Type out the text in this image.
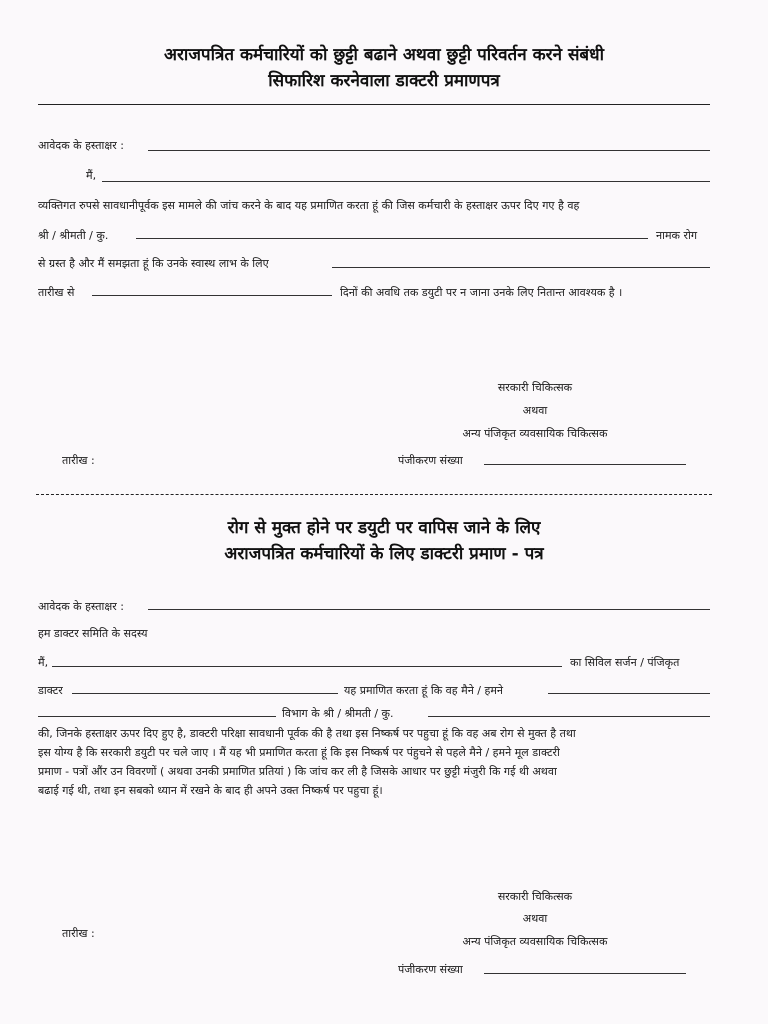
अराजपत्रित कर्मचारियों को छुट्टी बढाने अथवा छुट्टी परिवर्तन करने संबंधी
सिफारिश करनेवाला डाक्टरी प्रमाणपत्र
आवेदक के हस्ताक्षर :
मैं,
व्यक्तिगत रुपसे सावधानीपूर्वक इस मामले की जांच करने के बाद यह प्रमाणित करता हूं की जिस कर्मचारी के हस्ताक्षर ऊपर दिए गए है वह
श्री / श्रीमती / कु.	नामक रोग
से ग्रस्त है और मैं समझता हूं कि उनके स्वास्थ लाभ के लिए
तारीख से	दिनों की अवधि तक डयुटी पर न जाना उनके लिए नितान्त आवश्यक है ।
सरकारी चिकित्सक
अथवा
अन्य पंजिकृत व्यवसायिक चिकित्सक
तारीख :	पंजीकरण संख्या
रोग से मुक्त होने पर डयुटी पर वापिस जाने के लिए
अराजपत्रित कर्मचारियों के लिए डाक्टरी प्रमाण - पत्र
आवेदक के हस्ताक्षर :
हम डाक्टर समिति के सदस्य
मैं,	का सिविल सर्जन / पंजिकृत
डाक्टर	यह प्रमाणित करता हूं कि वह मैने / हमने
विभाग के श्री / श्रीमती / कु.
की, जिनके हस्ताक्षर ऊपर दिए हुए है, डाक्टरी परिक्षा सावधानी पूर्वक की है तथा इस निष्कर्ष पर पहुचा हूं कि वह अब रोग से मुक्त है तथा
इस योग्य है कि सरकारी डयुटी पर चले जाए । मैं यह भी प्रमाणित करता हूं कि इस निष्कर्ष पर पंहुचने से पहले मैने / हमने मूल डाक्टरी
प्रमाण - पत्रों औंर उन विवरणों ( अथवा उनकी प्रमाणित प्रतियां ) कि जांच कर ली है जिसके आधार पर छुट्टी मंजुरी कि गई थी अथवा
बढाई गई थी, तथा इन सबको ध्यान में रखने के बाद ही अपने उक्त निष्कर्ष पर पहुचा हूं।
सरकारी चिकित्सक
अथवा
अन्य पंजिकृत व्यवसायिक चिकित्सक
तारीख :
पंजीकरण संख्या
